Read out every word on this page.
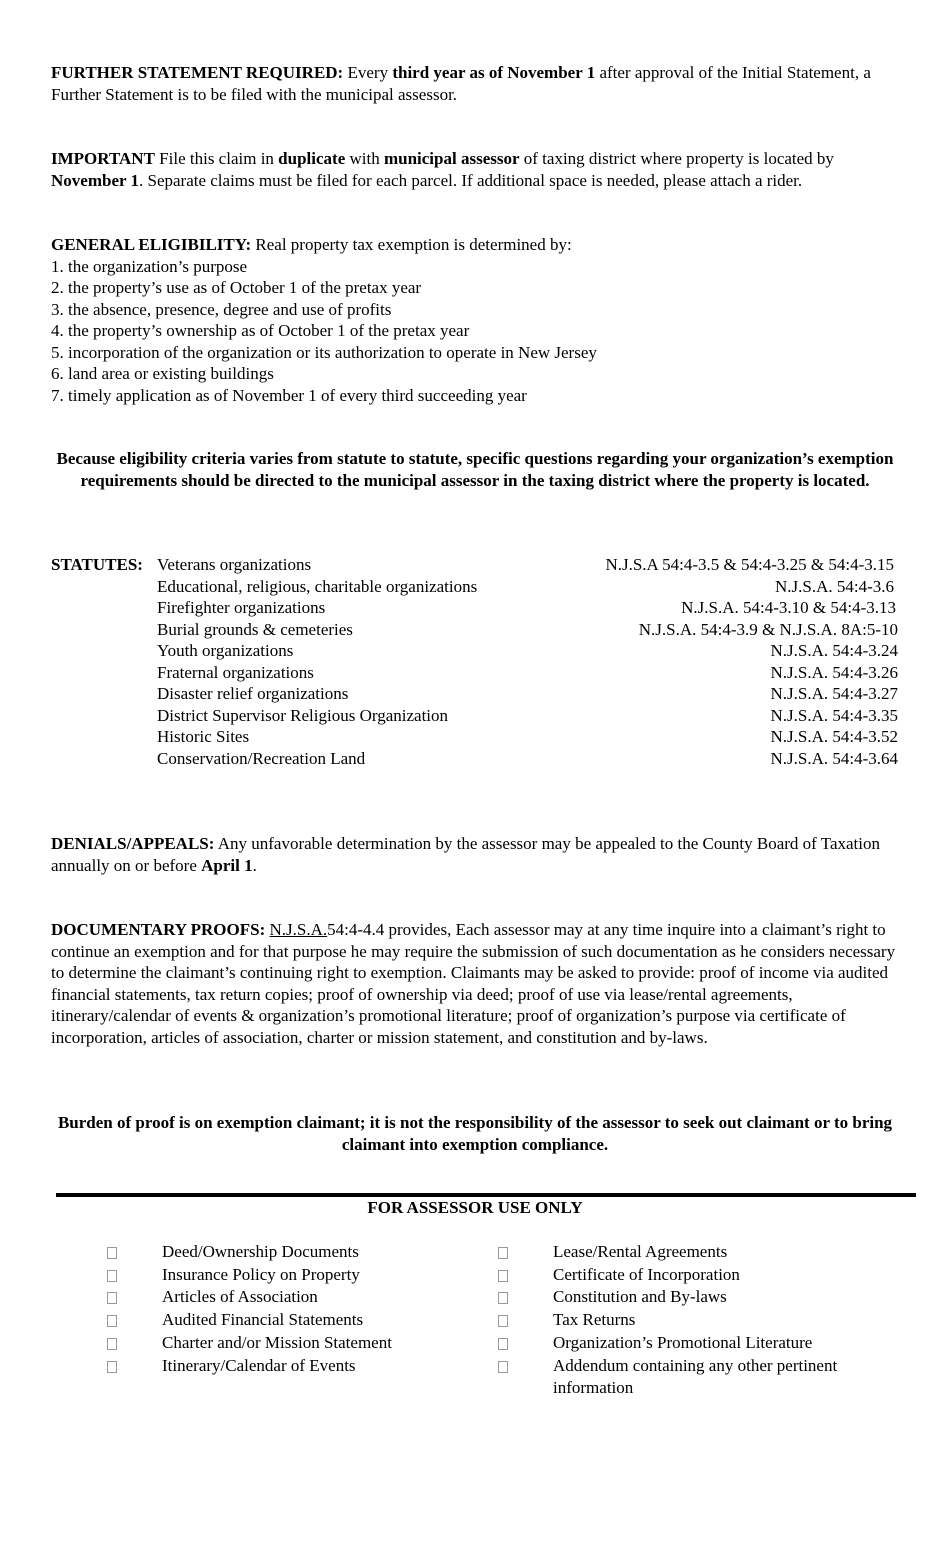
FURTHER STATEMENT REQUIRED: Every third year as of November 1 after approval of the Initial Statement, a Further Statement is to be filed with the municipal assessor.
IMPORTANT File this claim in duplicate with municipal assessor of taxing district where property is located by November 1. Separate claims must be filed for each parcel. If additional space is needed, please attach a rider.
GENERAL ELIGIBILITY: Real property tax exemption is determined by:
1. the organization’s purpose
2. the property’s use as of October 1 of the pretax year
3. the absence, presence, degree and use of profits
4. the property’s ownership as of October 1 of the pretax year
5. incorporation of the organization or its authorization to operate in New Jersey
6. land area or existing buildings
7. timely application as of November 1 of every third succeeding year
Because eligibility criteria varies from statute to statute, specific questions regarding your organization’s exemption requirements should be directed to the municipal assessor in the taxing district where the property is located.
STATUTES: Veterans organizations	N.J.S.A 54:4-3.5 & 54:4-3.25 & 54:4-3.15
Educational, religious, charitable organizations	N.J.S.A. 54:4-3.6
Firefighter organizations	N.J.S.A. 54:4-3.10 & 54:4-3.13
Burial grounds & cemeteries	N.J.S.A. 54:4-3.9 & N.J.S.A. 8A:5-10
Youth organizations	N.J.S.A. 54:4-3.24
Fraternal organizations	N.J.S.A. 54:4-3.26
Disaster relief organizations	N.J.S.A. 54:4-3.27
District Supervisor Religious Organization	N.J.S.A. 54:4-3.35
Historic Sites	N.J.S.A. 54:4-3.52
Conservation/Recreation Land	N.J.S.A. 54:4-3.64
DENIALS/APPEALS: Any unfavorable determination by the assessor may be appealed to the County Board of Taxation annually on or before April 1.
DOCUMENTARY PROOFS: N.J.S.A.54:4-4.4 provides, Each assessor may at any time inquire into a claimant’s right to continue an exemption and for that purpose he may require the submission of such documentation as he considers necessary to determine the claimant’s continuing right to exemption. Claimants may be asked to provide: proof of income via audited financial statements, tax return copies; proof of ownership via deed; proof of use via lease/rental agreements, itinerary/calendar of events & organization’s promotional literature; proof of organization’s purpose via certificate of incorporation, articles of association, charter or mission statement, and constitution and by-laws.
Burden of proof is on exemption claimant; it is not the responsibility of the assessor to seek out claimant or to bring claimant into exemption compliance.
FOR ASSESSOR USE ONLY
Deed/Ownership Documents
Insurance Policy on Property
Articles of Association
Audited Financial Statements
Charter and/or Mission Statement
Itinerary/Calendar of Events
Lease/Rental Agreements
Certificate of Incorporation
Constitution and By-laws
Tax Returns
Organization’s Promotional Literature
Addendum containing any other pertinent information
